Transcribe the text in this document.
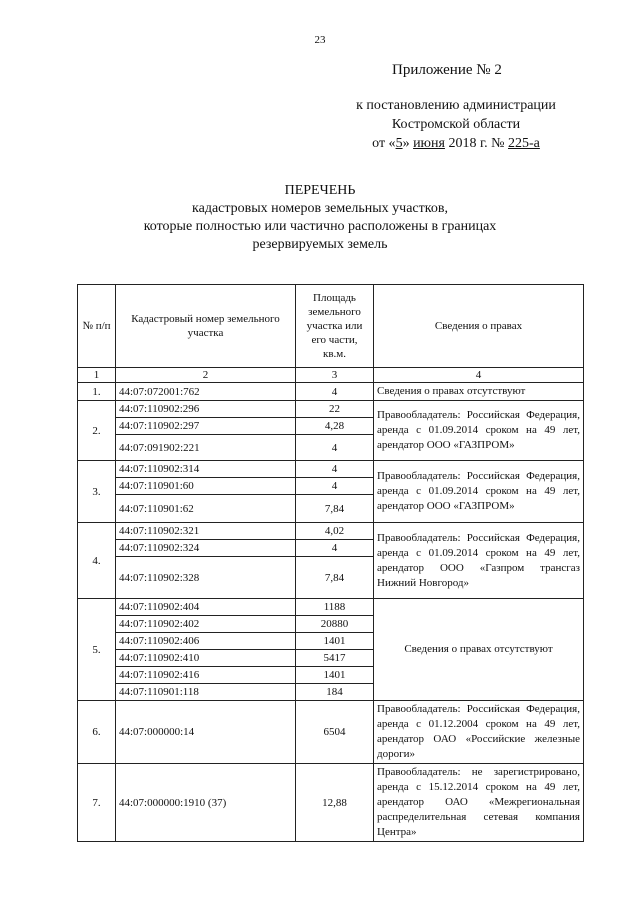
23
Приложение № 2
к постановлению администрации
Костромской области
от «5» июня 2018 г. № 225-а
ПЕРЕЧЕНЬ
кадастровых номеров земельных участков,
которые полностью или частично расположены в границах
резервируемых земель
№ п/п	Кадастровый номер земельного участка	Площадь земельного участка или его части, кв.м.	Сведения о правах
1	2	3	4
1.	44:07:072001:762	4	Сведения о правах отсутствуют
2.	44:07:110902:296	22	Правообладатель: Российская Федерация, аренда с 01.09.2014 сроком на 49 лет, арендатор ООО «ГАЗПРОМ»
	44:07:110902:297	4,28	
	44:07:091902:221	4	
3.	44:07:110902:314	4	Правообладатель: Российская Федерация, аренда с 01.09.2014 сроком на 49 лет, арендатор ООО «ГАЗПРОМ»
	44:07:110901:60	4	
	44:07:110901:62	7,84	
4.	44:07:110902:321	4,02	Правообладатель: Российская Федерация, аренда с 01.09.2014 сроком на 49 лет, арендатор ООО «Газпром трансгаз Нижний Новгород»
	44:07:110902:324	4	
	44:07:110902:328	7,84	
5.	44:07:110902:404	1188	Сведения о правах отсутствуют
	44:07:110902:402	20880	
	44:07:110902:406	1401	
	44:07:110902:410	5417	
	44:07:110902:416	1401	
	44:07:110901:118	184	
6.	44:07:000000:14	6504	Правообладатель: Российская Федерация, аренда с 01.12.2004 сроком на 49 лет, арендатор ОАО «Российские железные дороги»
7.	44:07:000000:1910 (37)	12,88	Правообладатель: не зарегистрировано, аренда с 15.12.2014 сроком на 49 лет, арендатор ОАО «Межрегиональная распределительная сетевая компания Центра»
